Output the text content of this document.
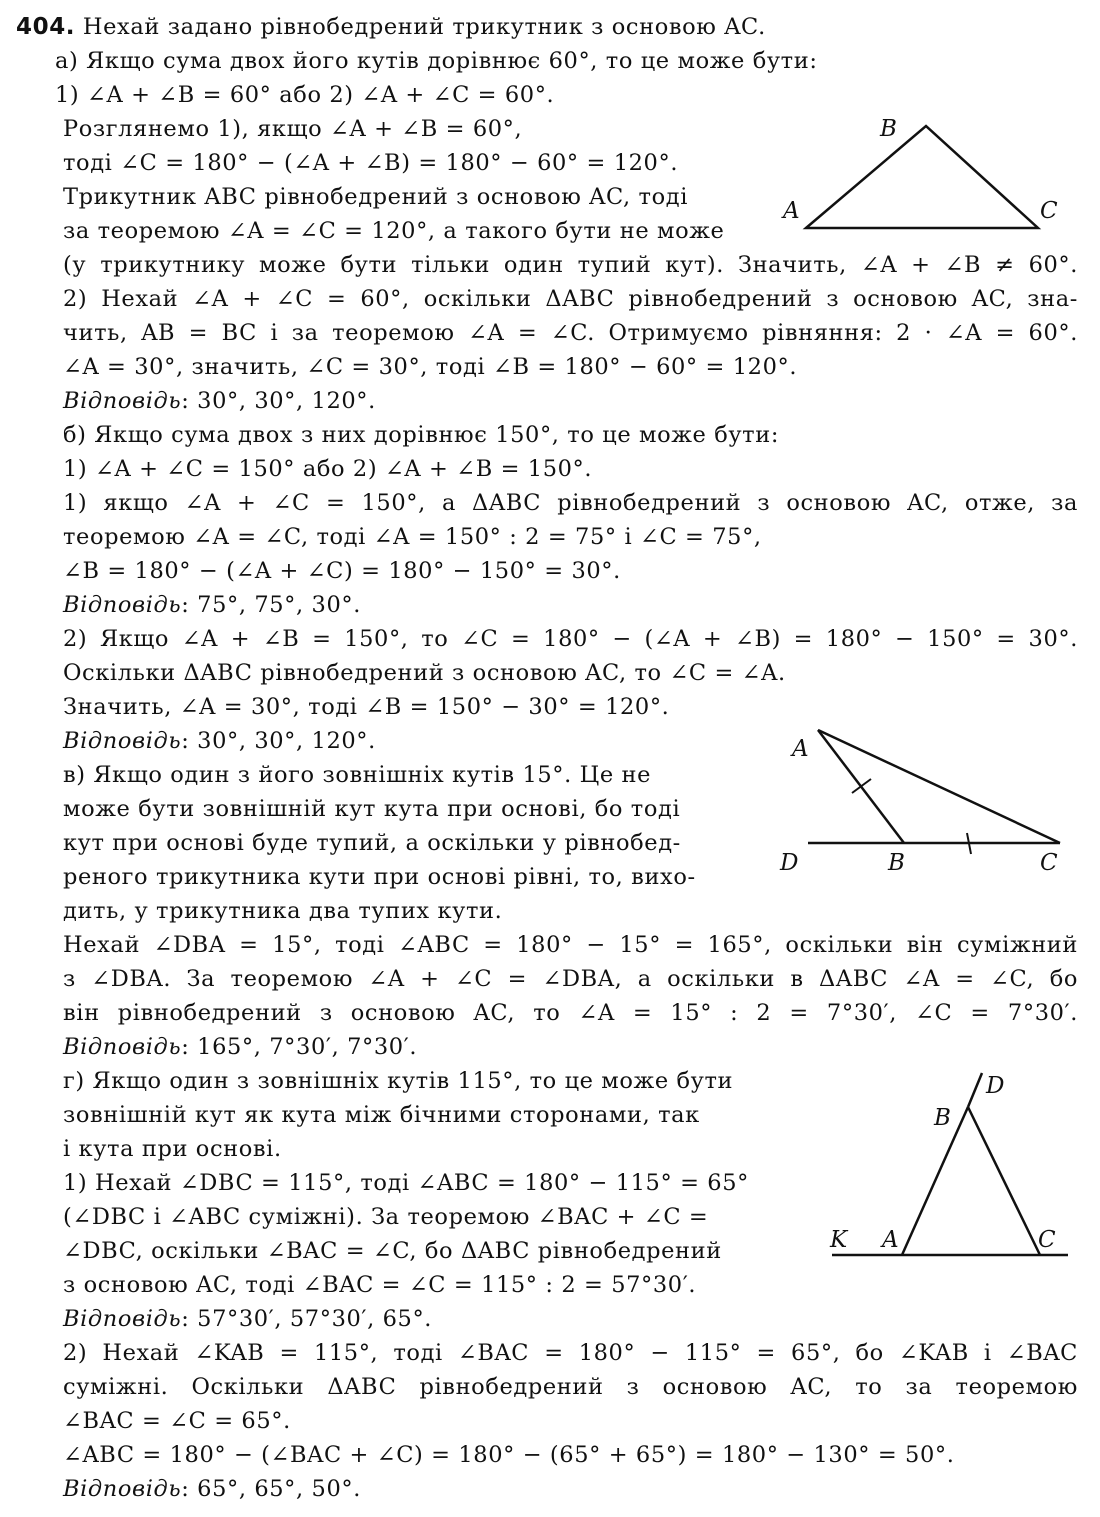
404. Нехай задано рівнобедрений трикутник з основою AC.
а) Якщо сума двох його кутів дорівнює 60°, то це може бути:
1) ∠A + ∠B = 60° або 2) ∠A + ∠C = 60°.
Розглянемо 1), якщо ∠A + ∠B = 60°,
тоді ∠C = 180° − (∠A + ∠B) = 180° − 60° = 120°.
Трикутник ABC рівнобедрений з основою AC, тоді
за теоремою ∠A = ∠C = 120°, а такого бути не може
(у трикутнику може бути тільки один тупий кут). Значить, ∠A + ∠B ≠ 60°.
2) Нехай ∠A + ∠C = 60°, оскільки ΔABC рівнобедрений з основою AC, зна-
чить, AB = BC і за теоремою ∠A = ∠C. Отримуємо рівняння: 2 · ∠A = 60°.
∠A = 30°, значить, ∠C = 30°, тоді ∠B = 180° − 60° = 120°.
Відповідь: 30°, 30°, 120°.
б) Якщо сума двох з них дорівнює 150°, то це може бути:
1) ∠A + ∠C = 150° або 2) ∠A + ∠B = 150°.
1) якщо ∠A + ∠C = 150°, а ΔABC рівнобедрений з основою AC, отже, за
теоремою ∠A = ∠C, тоді ∠A = 150° : 2 = 75° і ∠C = 75°,
∠B = 180° − (∠A + ∠C) = 180° − 150° = 30°.
Відповідь: 75°, 75°, 30°.
2) Якщо ∠A + ∠B = 150°, то ∠C = 180° − (∠A + ∠B) = 180° − 150° = 30°.
Оскільки ΔABC рівнобедрений з основою AC, то ∠C = ∠A.
Значить, ∠A = 30°, тоді ∠B = 150° − 30° = 120°.
Відповідь: 30°, 30°, 120°.
в) Якщо один з його зовнішніх кутів 15°. Це не
може бути зовнішній кут кута при основі, бо тоді
кут при основі буде тупий, а оскільки у рівнобед-
реного трикутника кути при основі рівні, то, вихо-
дить, у трикутника два тупих кути.
Нехай ∠DBA = 15°, тоді ∠ABC = 180° − 15° = 165°, оскільки він суміжний
з ∠DBA. За теоремою ∠A + ∠C = ∠DBA, а оскільки в ΔABC ∠A = ∠C, бо
він рівнобедрений з основою AC, то ∠A = 15° : 2 = 7°30′, ∠C = 7°30′.
Відповідь: 165°, 7°30′, 7°30′.
г) Якщо один з зовнішніх кутів 115°, то це може бути
зовнішній кут як кута між бічними сторонами, так
і кута при основі.
1) Нехай ∠DBC = 115°, тоді ∠ABC = 180° − 115° = 65°
(∠DBC і ∠ABC суміжні). За теоремою ∠BAC + ∠C =
∠DBC, оскільки ∠BAC = ∠C, бо ΔABC рівнобедрений
з основою AC, тоді ∠BAC = ∠C = 115° : 2 = 57°30′.
Відповідь: 57°30′, 57°30′, 65°.
2) Нехай ∠KAB = 115°, тоді ∠BAC = 180° − 115° = 65°, бо ∠KAB і ∠BAC
суміжні. Оскільки ΔABC рівнобедрений з основою AC, то за теоремою
∠BAC = ∠C = 65°.
∠ABC = 180° − (∠BAC + ∠C) = 180° − (65° + 65°) = 180° − 130° = 50°.
Відповідь: 65°, 65°, 50°.
B
A	C
A
D	B	C
D
B
K A	C
